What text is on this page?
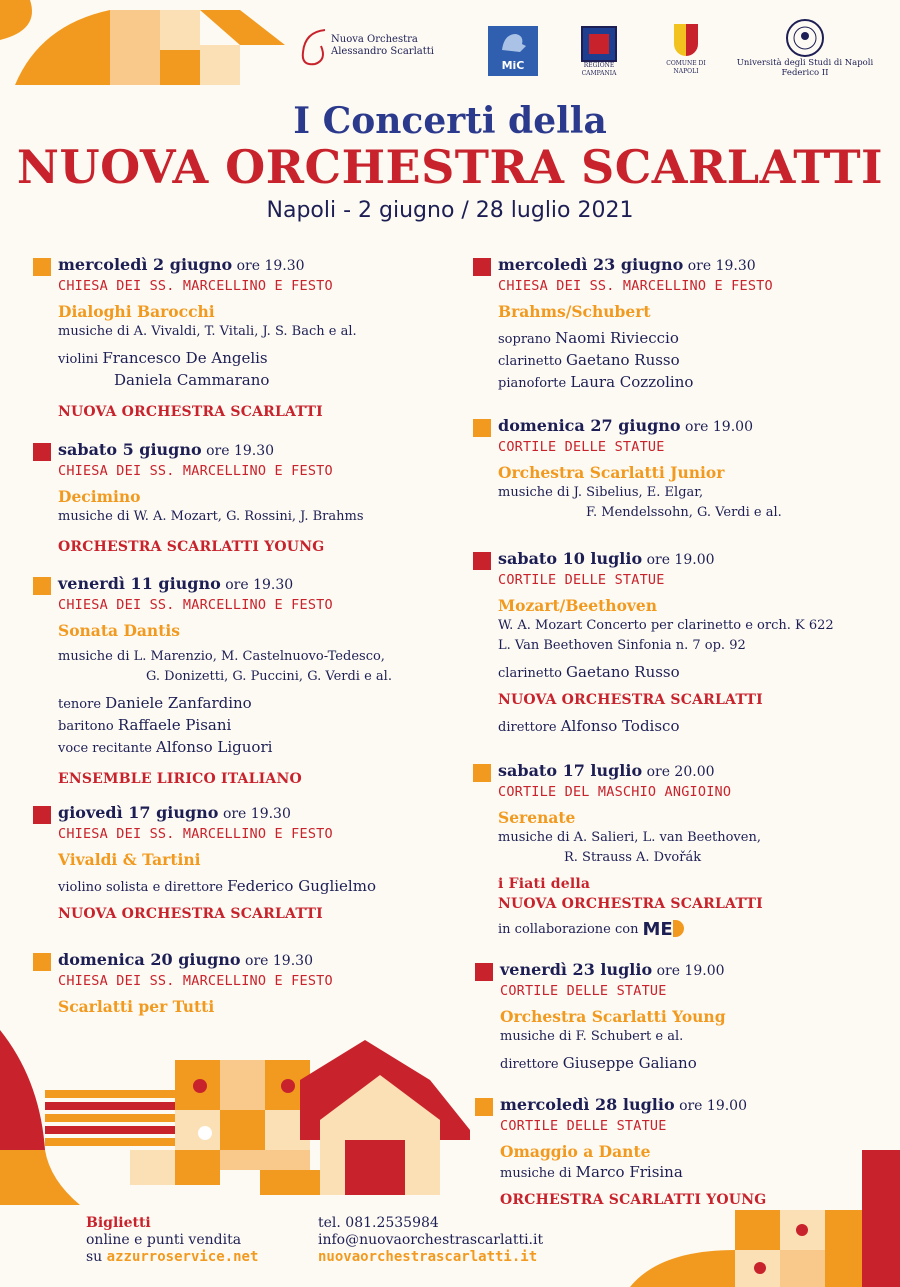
Nuova Orchestra Alessandro Scarlatti
MiC	REGIONE CAMPANIA
COMUNE DI NAPOLI
Università degli Studi di Napoli
Federico II
I Concerti della
NUOVA ORCHESTRA SCARLATTI
Napoli - 2 giugno / 28 luglio 2021
mercoledì 2 giugno ore 19.30
CHIESA DEI SS. MARCELLINO E FESTO
Dialoghi Barocchi
musiche di A. Vivaldi, T. Vitali, J. S. Bach e al.
violini Francesco De Angelis
Daniela Cammarano
NUOVA ORCHESTRA SCARLATTI
sabato 5 giugno ore 19.30
CHIESA DEI SS. MARCELLINO E FESTO
Decimino
musiche di W. A. Mozart, G. Rossini, J. Brahms
ORCHESTRA SCARLATTI YOUNG
venerdì 11 giugno ore 19.30
CHIESA DEI SS. MARCELLINO E FESTO
Sonata Dantis
musiche di L. Marenzio, M. Castelnuovo-Tedesco,
G. Donizetti, G. Puccini, G. Verdi e al.
tenore Daniele Zanfardino
baritono Raffaele Pisani
voce recitante Alfonso Liguori
ENSEMBLE LIRICO ITALIANO
giovedì 17 giugno ore 19.30
CHIESA DEI SS. MARCELLINO E FESTO
Vivaldi & Tartini
violino solista e direttore Federico Guglielmo
NUOVA ORCHESTRA SCARLATTI
domenica 20 giugno ore 19.30
CHIESA DEI SS. MARCELLINO E FESTO
Scarlatti per Tutti
mercoledì 23 giugno ore 19.30
CHIESA DEI SS. MARCELLINO E FESTO
Brahms/Schubert
soprano Naomi Rivieccio
clarinetto Gaetano Russo
pianoforte Laura Cozzolino
domenica 27 giugno ore 19.00
CORTILE DELLE STATUE
Orchestra Scarlatti Junior
musiche di J. Sibelius, E. Elgar,
F. Mendelssohn, G. Verdi e al.
sabato 10 luglio ore 19.00
CORTILE DELLE STATUE
Mozart/Beethoven
W. A. Mozart Concerto per clarinetto e orch. K 622
L. Van Beethoven Sinfonia n. 7 op. 92
clarinetto Gaetano Russo
NUOVA ORCHESTRA SCARLATTI
direttore Alfonso Todisco
sabato 17 luglio ore 20.00
CORTILE DEL MASCHIO ANGIOINO
Serenate
musiche di A. Salieri, L. van Beethoven,
R. Strauss A. Dvořák
i Fiati della
NUOVA ORCHESTRA SCARLATTI
in collaborazione con ME
venerdì 23 luglio ore 19.00
CORTILE DELLE STATUE
Orchestra Scarlatti Young
musiche di F. Schubert e al.
direttore Giuseppe Galiano
mercoledì 28 luglio ore 19.00
CORTILE DELLE STATUE
Omaggio a Dante
musiche di Marco Frisina
ORCHESTRA SCARLATTI YOUNG
Biglietti
online e punti vendita
su azzurroservice.net
tel. 081.2535984
info@nuovaorchestrascarlatti.it
nuovaorchestrascarlatti.it
